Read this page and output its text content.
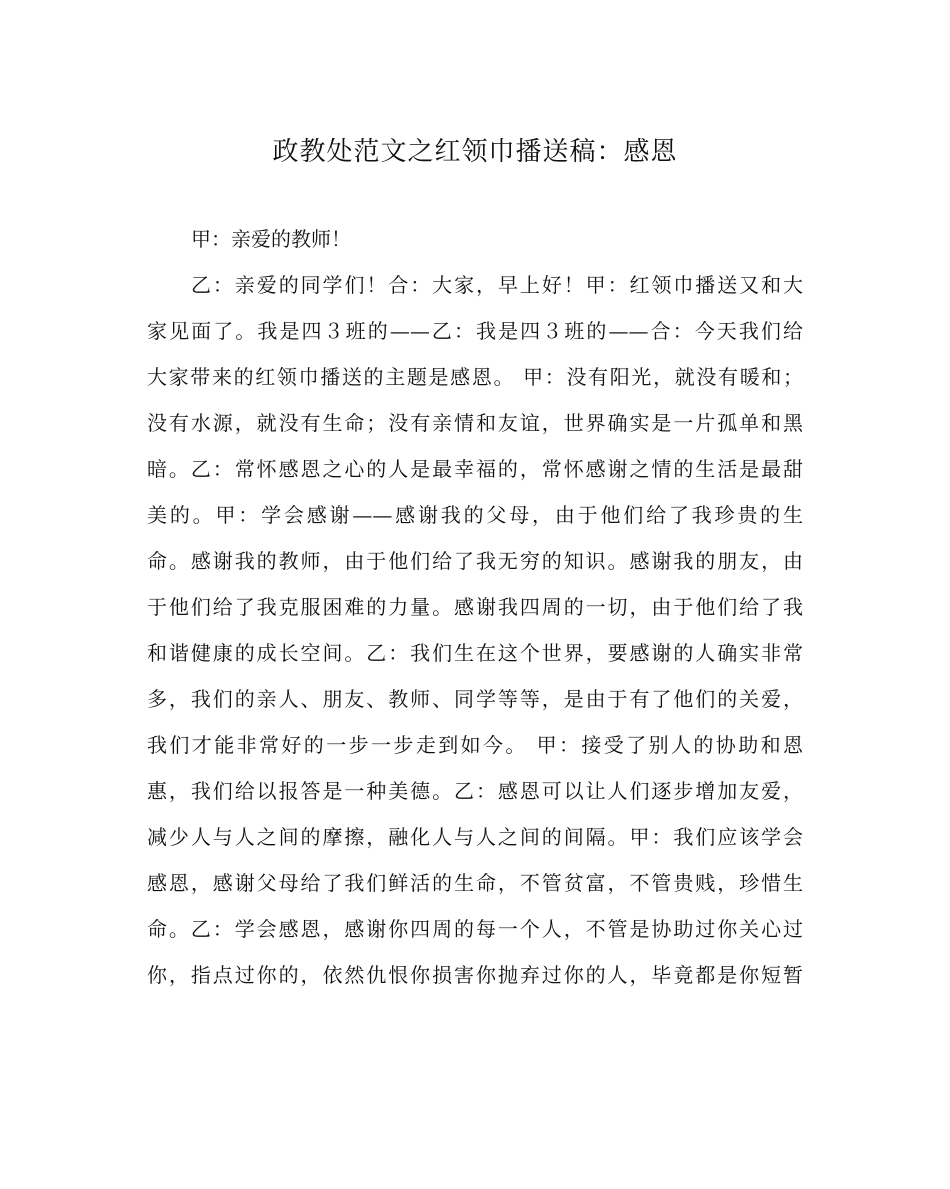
政教处范文之红领巾播送稿：感恩
甲：亲爱的教师！
乙：亲爱的同学们！合：大家，早上好！甲：红领巾播送又和大
家见面了。我是四３班的——乙：我是四３班的——合：今天我们给
大家带来的红领巾播送的主题是感恩。 甲：没有阳光，就没有暖和；
没有水源，就没有生命；没有亲情和友谊，世界确实是一片孤单和黑
暗。乙：常怀感恩之心的人是最幸福的，常怀感谢之情的生活是最甜
美的。甲：学会感谢——感谢我的父母，由于他们给了我珍贵的生
命。感谢我的教师，由于他们给了我无穷的知识。感谢我的朋友，由
于他们给了我克服困难的力量。感谢我四周的一切，由于他们给了我
和谐健康的成长空间。乙：我们生在这个世界，要感谢的人确实非常
多，我们的亲人、朋友、教师、同学等等，是由于有了他们的关爱，
我们才能非常好的一步一步走到如今。 甲：接受了别人的协助和恩
惠，我们给以报答是一种美德。乙：感恩可以让人们逐步增加友爱，
减少人与人之间的摩擦，融化人与人之间的间隔。甲：我们应该学会
感恩，感谢父母给了我们鲜活的生命，不管贫富，不管贵贱，珍惜生
命。乙：学会感恩，感谢你四周的每一个人，不管是协助过你关心过
你，指点过你的，依然仇恨你损害你抛弃过你的人，毕竟都是你短暂
